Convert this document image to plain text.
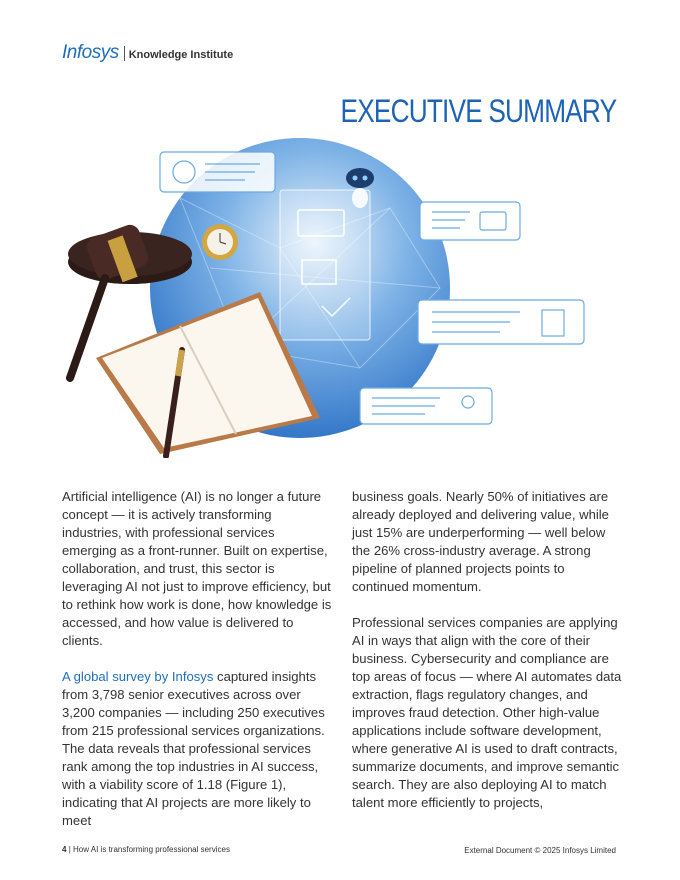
Infosys Knowledge Institute
EXECUTIVE SUMMARY

Artificial intelligence (AI) is no longer a future concept — it is actively transforming industries, with professional services emerging as a front-runner. Built on expertise, collaboration, and trust, this sector is leveraging AI not just to improve efficiency, but to rethink how work is done, how knowledge is accessed, and how value is delivered to clients.

A global survey by Infosys captured insights from 3,798 senior executives across over 3,200 companies — including 250 executives from 215 professional services organizations. The data reveals that professional services rank among the top industries in AI success, with a viability score of 1.18 (Figure 1), indicating that AI projects are more likely to meet

business goals. Nearly 50% of initiatives are already deployed and delivering value, while just 15% are underperforming — well below the 26% cross-industry average. A strong pipeline of planned projects points to continued momentum.

Professional services companies are applying AI in ways that align with the core of their business. Cybersecurity and compliance are top areas of focus — where AI automates data extraction, flags regulatory changes, and improves fraud detection. Other high-value applications include software development, where generative AI is used to draft contracts, summarize documents, and improve semantic search. They are also deploying AI to match talent more efficiently to projects,

4 | How AI is transforming professional services	External Document © 2025 Infosys Limited
